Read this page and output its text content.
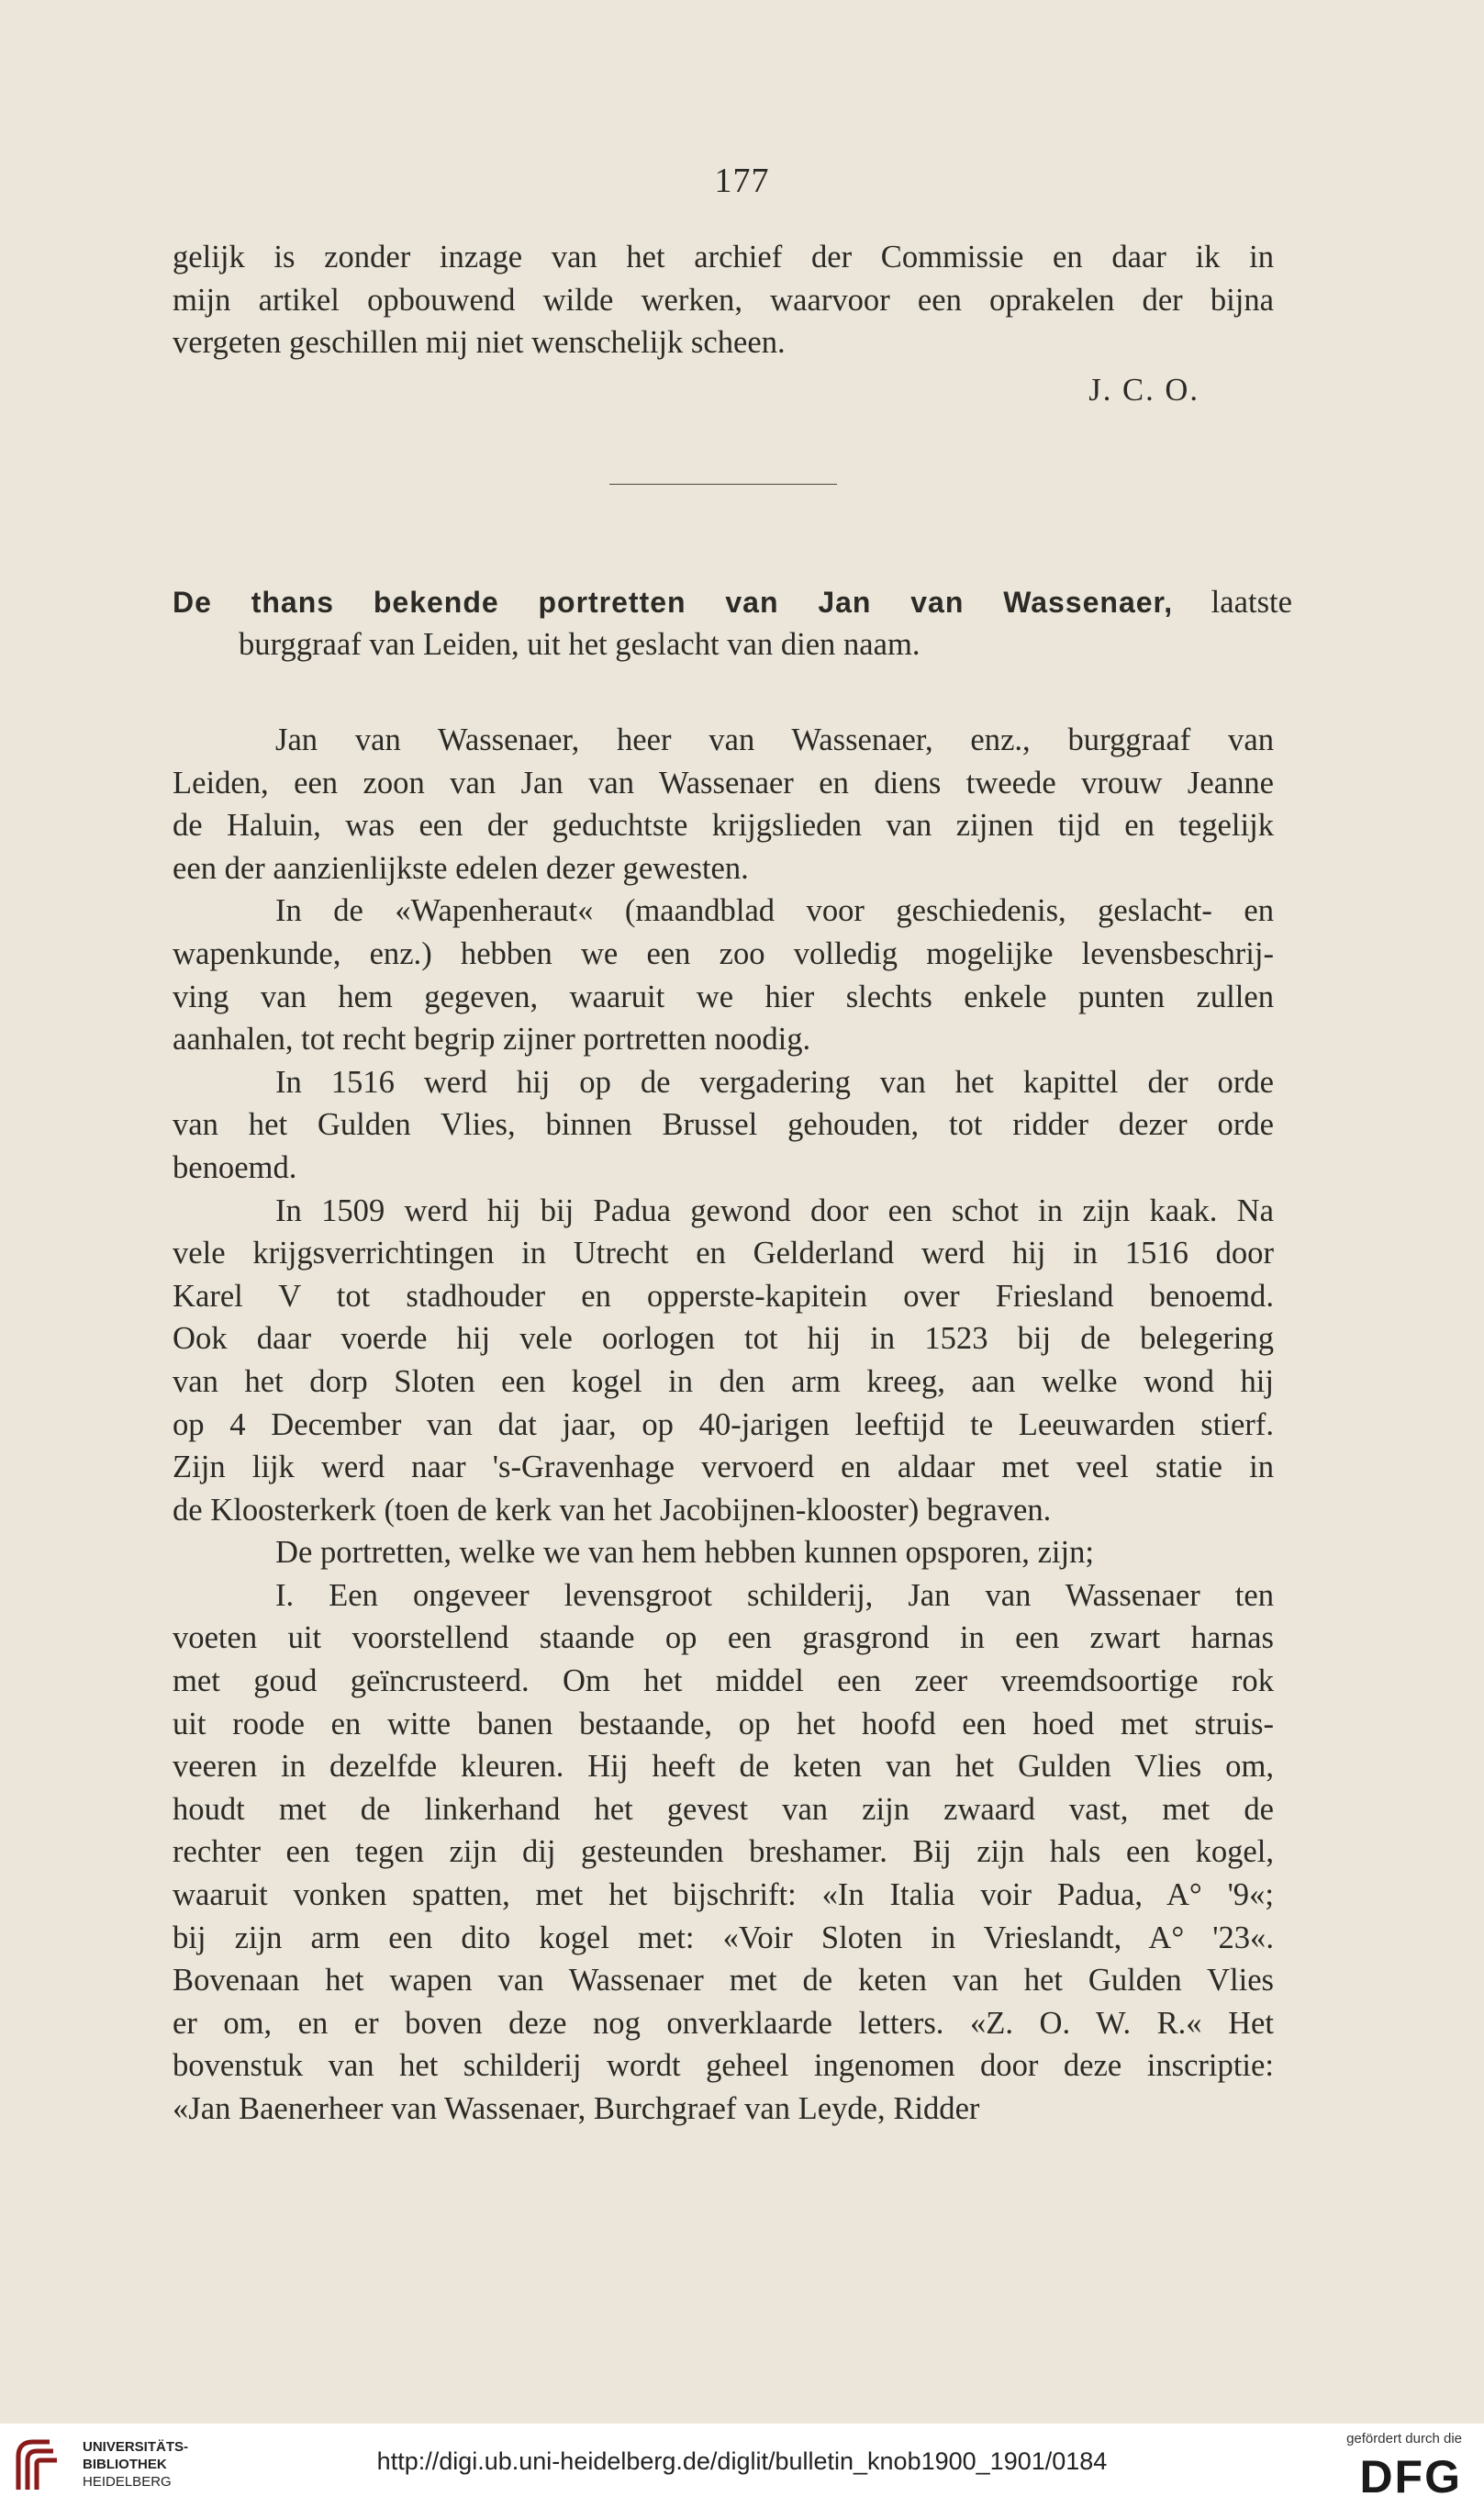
177
gelijk is zonder inzage van het archief der Commissie en daar ik in
mijn artikel opbouwend wilde werken, waarvoor een oprakelen der bijna
vergeten geschillen mij niet wenschelijk scheen.
J. C. O.
De thans bekende portretten van Jan van Wassenaer, laatste
burggraaf van Leiden, uit het geslacht van dien naam.
Jan van Wassenaer, heer van Wassenaer, enz., burggraaf van
Leiden, een zoon van Jan van Wassenaer en diens tweede vrouw Jeanne
de Haluin, was een der geduchtste krijgslieden van zijnen tijd en tegelijk
een der aanzienlijkste edelen dezer gewesten.
In de «Wapenheraut« (maandblad voor geschiedenis, geslacht- en
wapenkunde, enz.) hebben we een zoo volledig mogelijke levensbeschrij-
ving van hem gegeven, waaruit we hier slechts enkele punten zullen
aanhalen, tot recht begrip zijner portretten noodig.
In 1516 werd hij op de vergadering van het kapittel der orde
van het Gulden Vlies, binnen Brussel gehouden, tot ridder dezer orde
benoemd.
In 1509 werd hij bij Padua gewond door een schot in zijn kaak. Na
vele krijgsverrichtingen in Utrecht en Gelderland werd hij in 1516 door
Karel V tot stadhouder en opperste-kapitein over Friesland benoemd.
Ook daar voerde hij vele oorlogen tot hij in 1523 bij de belegering
van het dorp Sloten een kogel in den arm kreeg, aan welke wond hij
op 4 December van dat jaar, op 40-jarigen leeftijd te Leeuwarden stierf.
Zijn lijk werd naar 's-Gravenhage vervoerd en aldaar met veel statie in
de Kloosterkerk (toen de kerk van het Jacobijnen-klooster) begraven.
De portretten, welke we van hem hebben kunnen opsporen, zijn;
I. Een ongeveer levensgroot schilderij, Jan van Wassenaer ten
voeten uit voorstellend staande op een grasgrond in een zwart harnas
met goud geïncrusteerd. Om het middel een zeer vreemdsoortige rok
uit roode en witte banen bestaande, op het hoofd een hoed met struis-
veeren in dezelfde kleuren. Hij heeft de keten van het Gulden Vlies om,
houdt met de linkerhand het gevest van zijn zwaard vast, met de
rechter een tegen zijn dij gesteunden breshamer. Bij zijn hals een kogel,
waaruit vonken spatten, met het bijschrift: «In Italia voir Padua, A° '9«;
bij zijn arm een dito kogel met: «Voir Sloten in Vrieslandt, A° '23«.
Bovenaan het wapen van Wassenaer met de keten van het Gulden Vlies
er om, en er boven deze nog onverklaarde letters. «Z. O. W. R.« Het
bovenstuk van het schilderij wordt geheel ingenomen door deze inscriptie:
«Jan Baenerheer van Wassenaer, Burchgraef van Leyde, Ridder
UNIVERSITÄTS-
BIBLIOTHEK
HEIDELBERG
http://digi.ub.uni-heidelberg.de/diglit/bulletin_knob1900_1901/0184
gefördert durch die
DFG
